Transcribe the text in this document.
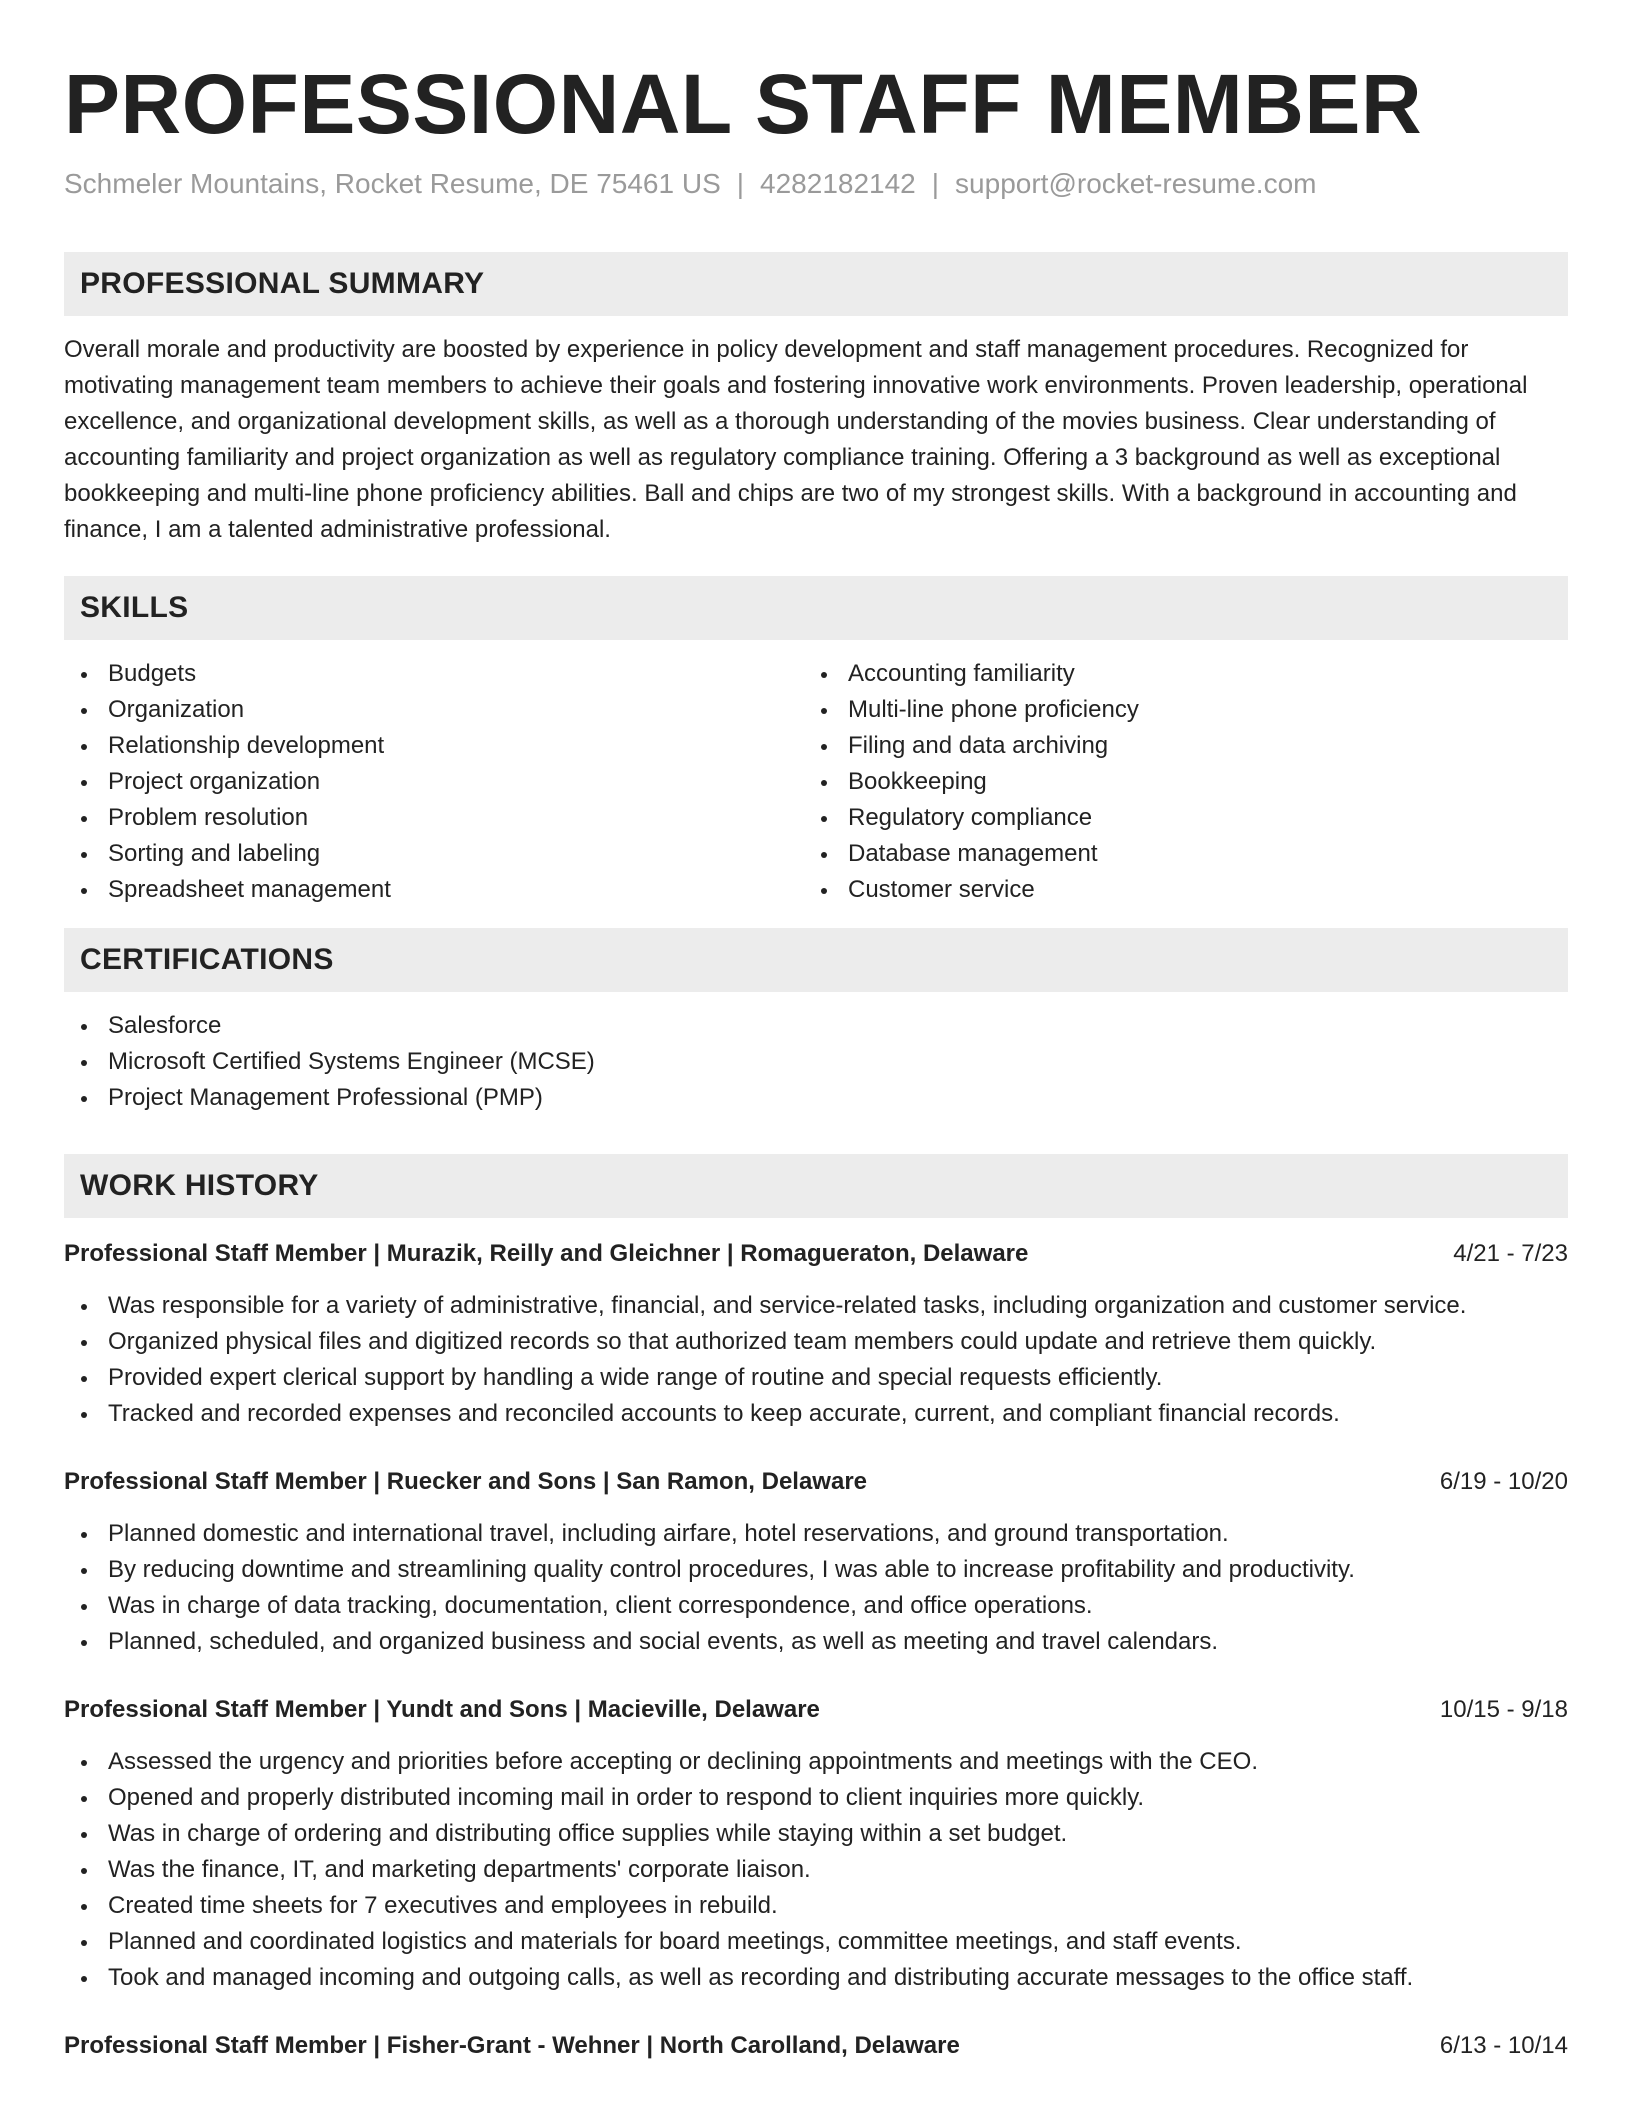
PROFESSIONAL STAFF MEMBER
Schmeler Mountains, Rocket Resume, DE 75461 US | 4282182142 | support@rocket-resume.com
PROFESSIONAL SUMMARY

Overall morale and productivity are boosted by experience in policy development and staff management procedures. Recognized for motivating management team members to achieve their goals and fostering innovative work environments. Proven leadership, operational excellence, and organizational development skills, as well as a thorough understanding of the movies business. Clear understanding of accounting familiarity and project organization as well as regulatory compliance training. Offering a 3 background as well as exceptional bookkeeping and multi-line phone proficiency abilities. Ball and chips are two of my strongest skills. With a background in accounting and finance, I am a talented administrative professional.

SKILLS
Budgets
Organization
Relationship development
Project organization
Problem resolution
Sorting and labeling
Spreadsheet management
Accounting familiarity
Multi-line phone proficiency
Filing and data archiving
Bookkeeping
Regulatory compliance
Database management
Customer service
CERTIFICATIONS
Salesforce
Microsoft Certified Systems Engineer (MCSE)
Project Management Professional (PMP)
WORK HISTORY
Professional Staff Member | Murazik, Reilly and Gleichner | Romagueraton, Delaware	4/21 - 7/23
Was responsible for a variety of administrative, financial, and service-related tasks, including organization and customer service.
Organized physical files and digitized records so that authorized team members could update and retrieve them quickly.
Provided expert clerical support by handling a wide range of routine and special requests efficiently.
Tracked and recorded expenses and reconciled accounts to keep accurate, current, and compliant financial records.
Professional Staff Member | Ruecker and Sons | San Ramon, Delaware	6/19 - 10/20
Planned domestic and international travel, including airfare, hotel reservations, and ground transportation.
By reducing downtime and streamlining quality control procedures, I was able to increase profitability and productivity.
Was in charge of data tracking, documentation, client correspondence, and office operations.
Planned, scheduled, and organized business and social events, as well as meeting and travel calendars.
Professional Staff Member | Yundt and Sons | Macieville, Delaware	10/15 - 9/18
Assessed the urgency and priorities before accepting or declining appointments and meetings with the CEO.
Opened and properly distributed incoming mail in order to respond to client inquiries more quickly.
Was in charge of ordering and distributing office supplies while staying within a set budget.
Was the finance, IT, and marketing departments' corporate liaison.
Created time sheets for 7 executives and employees in rebuild.
Planned and coordinated logistics and materials for board meetings, committee meetings, and staff events.
Took and managed incoming and outgoing calls, as well as recording and distributing accurate messages to the office staff.
Professional Staff Member | Fisher-Grant - Wehner | North Carolland, Delaware	6/13 - 10/14
